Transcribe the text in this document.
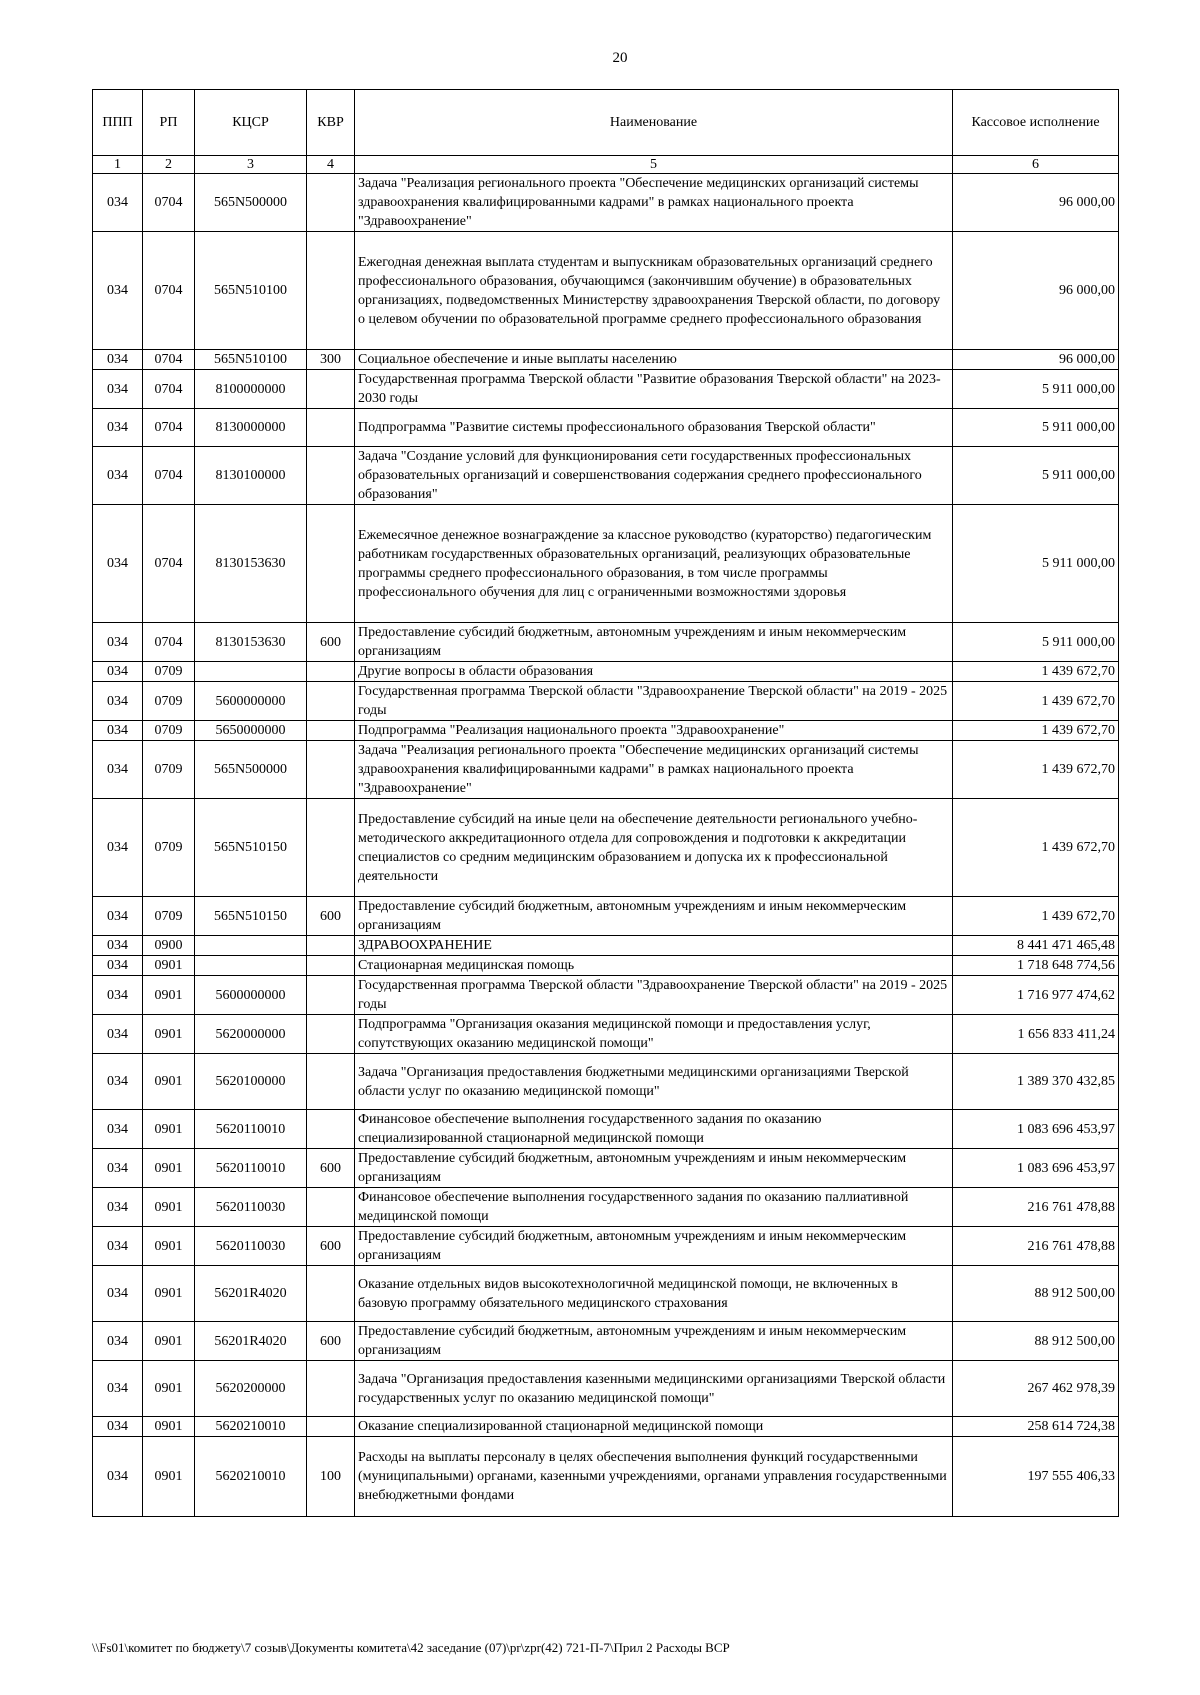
20
ППП	РП	КЦСР	КВР	Наименование	Кассовое исполнение
1	2	3	4	5	6
034	0704	565N500000		Задача "Реализация регионального проекта "Обеспечение медицинских организаций системы здравоохранения квалифицированными кадрами" в рамках национального проекта "Здравоохранение"	96 000,00
034	0704	565N510100		Ежегодная денежная выплата студентам и выпускникам образовательных организаций среднего профессионального образования, обучающимся (закончившим обучение) в образовательных организациях, подведомственных Министерству здравоохранения Тверской области, по договору о целевом обучении по образовательной программе среднего профессионального образования	96 000,00
034	0704	565N510100	300	Социальное обеспечение и иные выплаты населению	96 000,00
034	0704	8100000000		Государственная программа Тверской области "Развитие образования Тверской области" на 2023-2030 годы	5 911 000,00
034	0704	8130000000		Подпрограмма "Развитие системы профессионального образования Тверской области"	5 911 000,00
034	0704	8130100000		Задача "Создание условий для функционирования сети государственных профессиональных образовательных организаций и совершенствования содержания среднего профессионального образования"	5 911 000,00
034	0704	8130153630		Ежемесячное денежное вознаграждение за классное руководство (кураторство) педагогическим работникам государственных образовательных организаций, реализующих образовательные программы среднего профессионального образования, в том числе программы профессионального обучения для лиц с ограниченными возможностями здоровья	5 911 000,00
034	0704	8130153630	600	Предоставление субсидий бюджетным, автономным учреждениям и иным некоммерческим организациям	5 911 000,00
034	0709			Другие вопросы в области образования	1 439 672,70
034	0709	5600000000		Государственная программа Тверской области "Здравоохранение Тверской области" на 2019 - 2025 годы	1 439 672,70
034	0709	5650000000		Подпрограмма "Реализация национального проекта "Здравоохранение"	1 439 672,70
034	0709	565N500000		Задача "Реализация регионального проекта "Обеспечение медицинских организаций системы здравоохранения квалифицированными кадрами" в рамках национального проекта "Здравоохранение"	1 439 672,70
034	0709	565N510150		Предоставление субсидий на иные цели на обеспечение деятельности регионального учебно-методического аккредитационного отдела для сопровождения и подготовки к аккредитации специалистов со средним медицинским образованием и допуска их к профессиональной деятельности	1 439 672,70
034	0709	565N510150	600	Предоставление субсидий бюджетным, автономным учреждениям и иным некоммерческим организациям	1 439 672,70
034	0900			ЗДРАВООХРАНЕНИЕ	8 441 471 465,48
034	0901			Стационарная медицинская помощь	1 718 648 774,56
034	0901	5600000000		Государственная программа Тверской области "Здравоохранение Тверской области" на 2019 - 2025 годы	1 716 977 474,62
034	0901	5620000000		Подпрограмма "Организация оказания медицинской помощи и предоставления услуг, сопутствующих оказанию медицинской помощи"	1 656 833 411,24
034	0901	5620100000		Задача "Организация предоставления бюджетными медицинскими организациями Тверской области услуг по оказанию медицинской помощи"	1 389 370 432,85
034	0901	5620110010		Финансовое обеспечение выполнения государственного задания по оказанию специализированной стационарной медицинской помощи	1 083 696 453,97
034	0901	5620110010	600	Предоставление субсидий бюджетным, автономным учреждениям и иным некоммерческим организациям	1 083 696 453,97
034	0901	5620110030		Финансовое обеспечение выполнения государственного задания по оказанию паллиативной медицинской помощи	216 761 478,88
034	0901	5620110030	600	Предоставление субсидий бюджетным, автономным учреждениям и иным некоммерческим организациям	216 761 478,88
034	0901	56201R4020		Оказание отдельных видов высокотехнологичной медицинской помощи, не включенных в базовую программу обязательного медицинского страхования	88 912 500,00
034	0901	56201R4020	600	Предоставление субсидий бюджетным, автономным учреждениям и иным некоммерческим организациям	88 912 500,00
034	0901	5620200000		Задача "Организация предоставления казенными медицинскими организациями Тверской области государственных услуг по оказанию медицинской помощи"	267 462 978,39
034	0901	5620210010		Оказание специализированной стационарной медицинской помощи	258 614 724,38
034	0901	5620210010	100	Расходы на выплаты персоналу в целях обеспечения выполнения функций государственными (муниципальными) органами, казенными учреждениями, органами управления государственными внебюджетными фондами	197 555 406,33
\\Fs01\комитет по бюджету\7 созыв\Документы комитета\42 заседание (07)\pr\zpr(42) 721-П-7\Прил 2 Расходы ВСР
